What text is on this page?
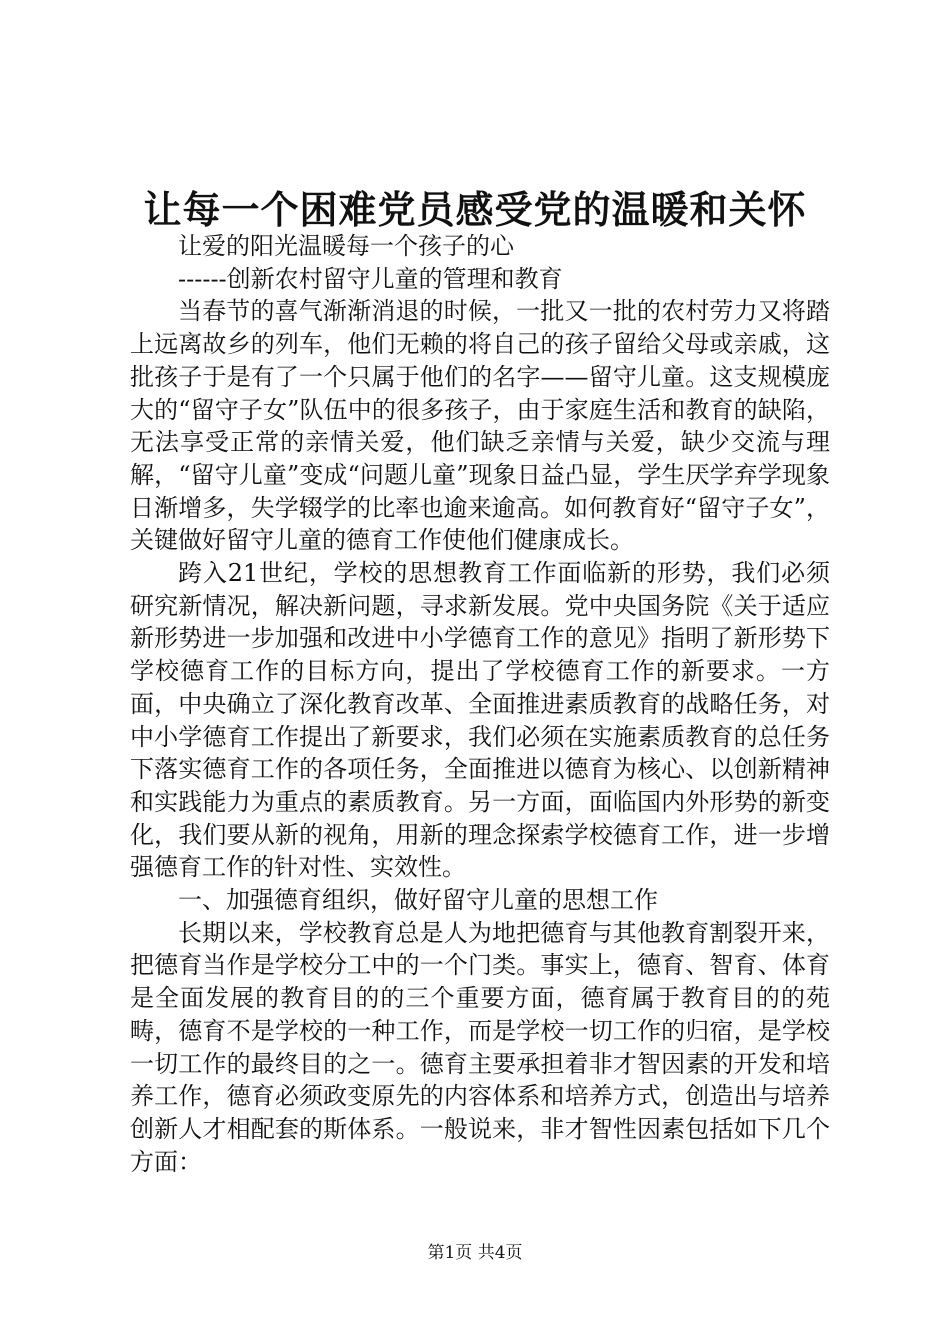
让每一个困难党员感受党的温暖和关怀

让爱的阳光温暖每一个孩子的心

------创新农村留守儿童的管理和教育

当春节的喜气渐渐消退的时候，一批又一批的农村劳力又将踏上远离故乡的列车，他们无赖的将自己的孩子留给父母或亲戚，这批孩子于是有了一个只属于他们的名字——留守儿童。这支规模庞大的“留守子女”队伍中的很多孩子，由于家庭生活和教育的缺陷，无法享受正常的亲情关爱，他们缺乏亲情与关爱，缺少交流与理解，“留守儿童”变成“问题儿童”现象日益凸显，学生厌学弃学现象日渐增多，失学辍学的比率也逾来逾高。如何教育好“留守子女”，关键做好留守儿童的德育工作使他们健康成长。

跨入21世纪，学校的思想教育工作面临新的形势，我们必须研究新情况，解决新问题，寻求新发展。党中央国务院《关于适应新形势进一步加强和改进中小学德育工作的意见》指明了新形势下学校德育工作的目标方向，提出了学校德育工作的新要求。一方面，中央确立了深化教育改革、全面推进素质教育的战略任务，对中小学德育工作提出了新要求，我们必须在实施素质教育的总任务下落实德育工作的各项任务，全面推进以德育为核心、以创新精神和实践能力为重点的素质教育。另一方面，面临国内外形势的新变化，我们要从新的视角，用新的理念探索学校德育工作，进一步增强德育工作的针对性、实效性。

一、加强德育组织，做好留守儿童的思想工作

长期以来，学校教育总是人为地把德育与其他教育割裂开来，把德育当作是学校分工中的一个门类。事实上，德育、智育、体育是全面发展的教育目的的三个重要方面，德育属于教育目的的苑畴，德育不是学校的一种工作，而是学校一切工作的归宿，是学校一切工作的最终目的之一。德育主要承担着非才智因素的开发和培养工作，德育必须政变原先的内容体系和培养方式，创造出与培养创新人才相配套的斯体系。一般说来，非才智性因素包括如下几个方面：

第1页 共4页
